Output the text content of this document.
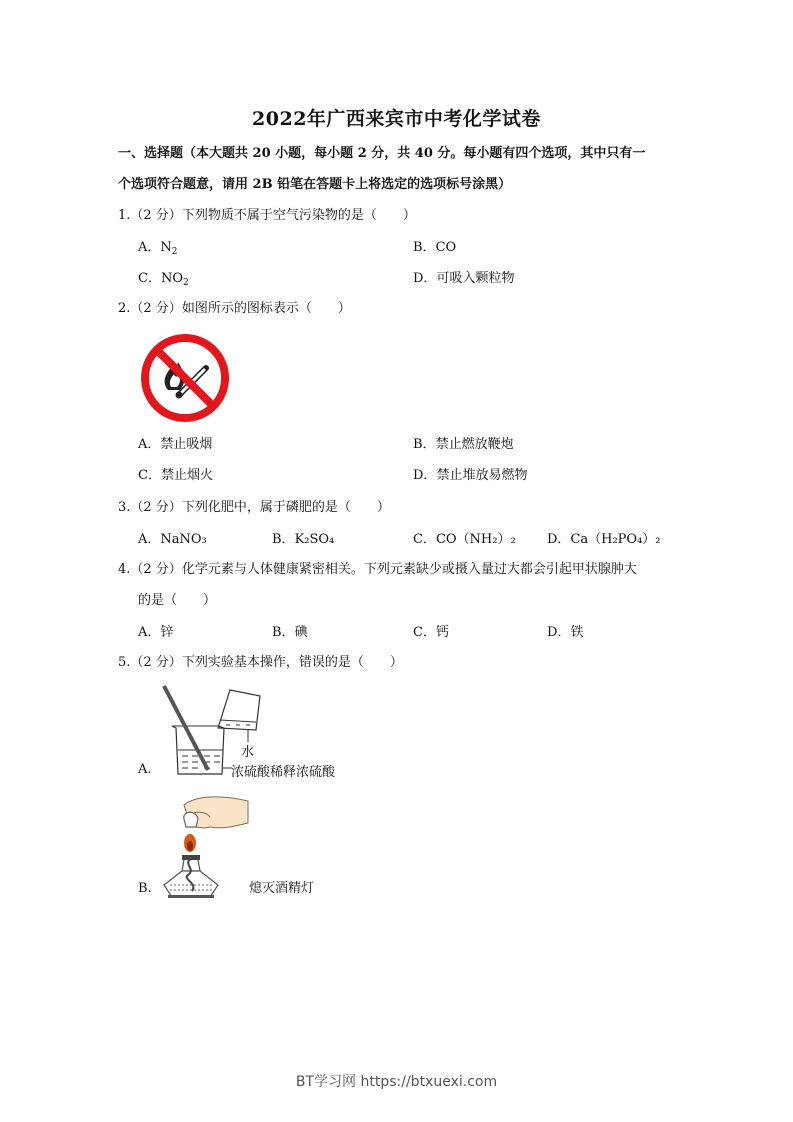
2022年广西来宾市中考化学试卷
一、选择题（本大题共 20 小题，每小题 2 分，共 40 分。每小题有四个选项，其中只有一
个选项符合题意，请用 2B 铅笔在答题卡上将选定的选项标号涂黑）
1.（2 分）下列物质不属于空气污染物的是（　　）
A．$N_2$	B．CO
C．$NO_2$	D．可吸入颗粒物
2.（2 分）如图所示的图标表示（　　）
A．禁止吸烟	B．禁止燃放鞭炮
C．禁止烟火	D．禁止堆放易燃物
3.（2 分）下列化肥中，属于磷肥的是（　　）
A．NaNO₃	B．K₂SO₄	C．CO（NH₂）₂ D．Ca（H₂PO₄）₂
4.（2 分）化学元素与人体健康紧密相关。下列元素缺少或摄入量过大都会引起甲状腺肿大
的是（　　）
A．锌	B．碘	C．钙	D．铁
5.（2 分）下列实验基本操作，错误的是（　　）
A.
水
浓硫酸稀释浓硫酸
B.	熄灭酒精灯
BT学习网 https://btxuexi.com
